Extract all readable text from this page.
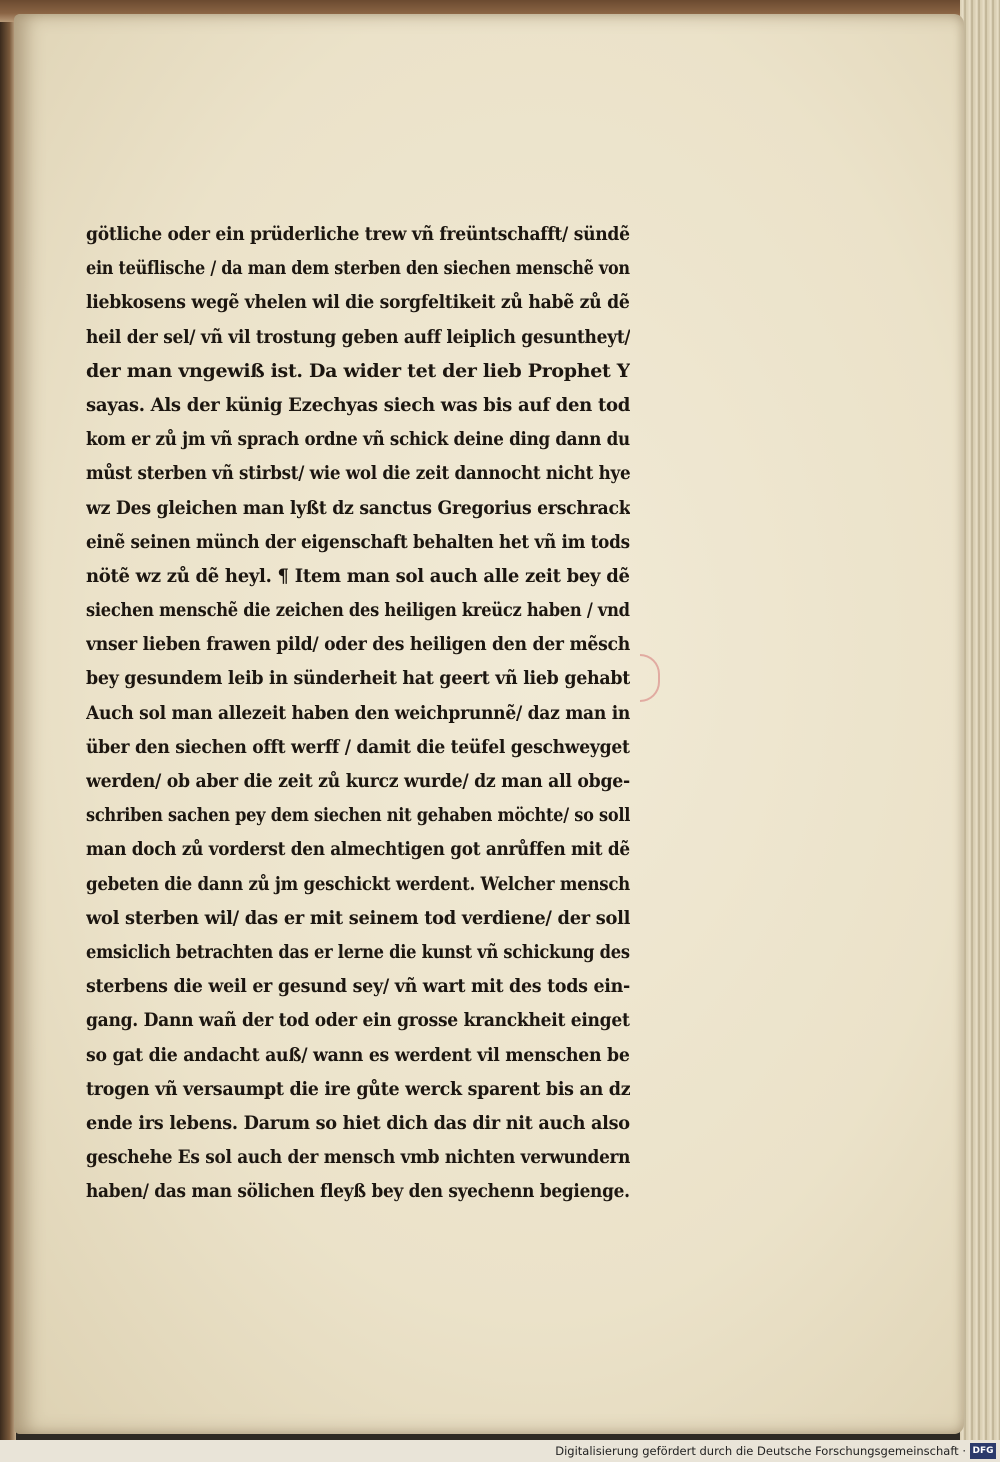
götliche oder ein prüderliche trew vñ freüntschafft/ sündẽ
ein teüflische / da man dem sterben den siechen menschẽ von
liebkosens wegẽ vhelen wil die sorgfeltikeit zů habẽ zů dẽ
heil der sel/ vñ vil trostung geben auff leiplich gesuntheyt/
der man vngewiß ist. Da wider tet der lieb Prophet Y
sayas. Als der künig Ezechyas siech was bis auf den tod
kom er zů jm vñ sprach ordne vñ schick deine ding dann du
můst sterben vñ stirbst/ wie wol die zeit dannocht nicht hye
wz Des gleichen man lyßt dz sanctus Gregorius erschrack
einẽ seinen münch der eigenschaft behalten het vñ im tods
nötẽ wz zů dẽ heyl. ¶ Item man sol auch alle zeit bey dẽ
siechen menschẽ die zeichen des heiligen kreücz haben / vnd
vnser lieben frawen pild/ oder des heiligen den der mẽsch
bey gesundem leib in sünderheit hat geert vñ lieb gehabt
Auch sol man allezeit haben den weichprunnẽ/ daz man in
über den siechen offt werff / damit die teüfel geschweyget
werden/ ob aber die zeit zů kurcz wurde/ dz man all obge-
schriben sachen pey dem siechen nit gehaben möchte/ so soll
man doch zů vorderst den almechtigen got anrůffen mit dẽ
gebeten die dann zů jm geschickt werdent. Welcher mensch
wol sterben wil/ das er mit seinem tod verdiene/ der soll
emsiclich betrachten das er lerne die kunst vñ schickung des
sterbens die weil er gesund sey/ vñ wart mit des tods ein-
gang. Dann wañ der tod oder ein grosse kranckheit einget
so gat die andacht auß/ wann es werdent vil menschen be
trogen vñ versaumpt die ire gůte werck sparent bis an dz
ende irs lebens. Darum so hiet dich das dir nit auch also
geschehe Es sol auch der mensch vmb nichten verwundern
haben/ das man sölichen fleyß bey den syechenn begienge.
Digitalisierung gefördert durch die Deutsche Forschungsgemeinschaft · DFG
